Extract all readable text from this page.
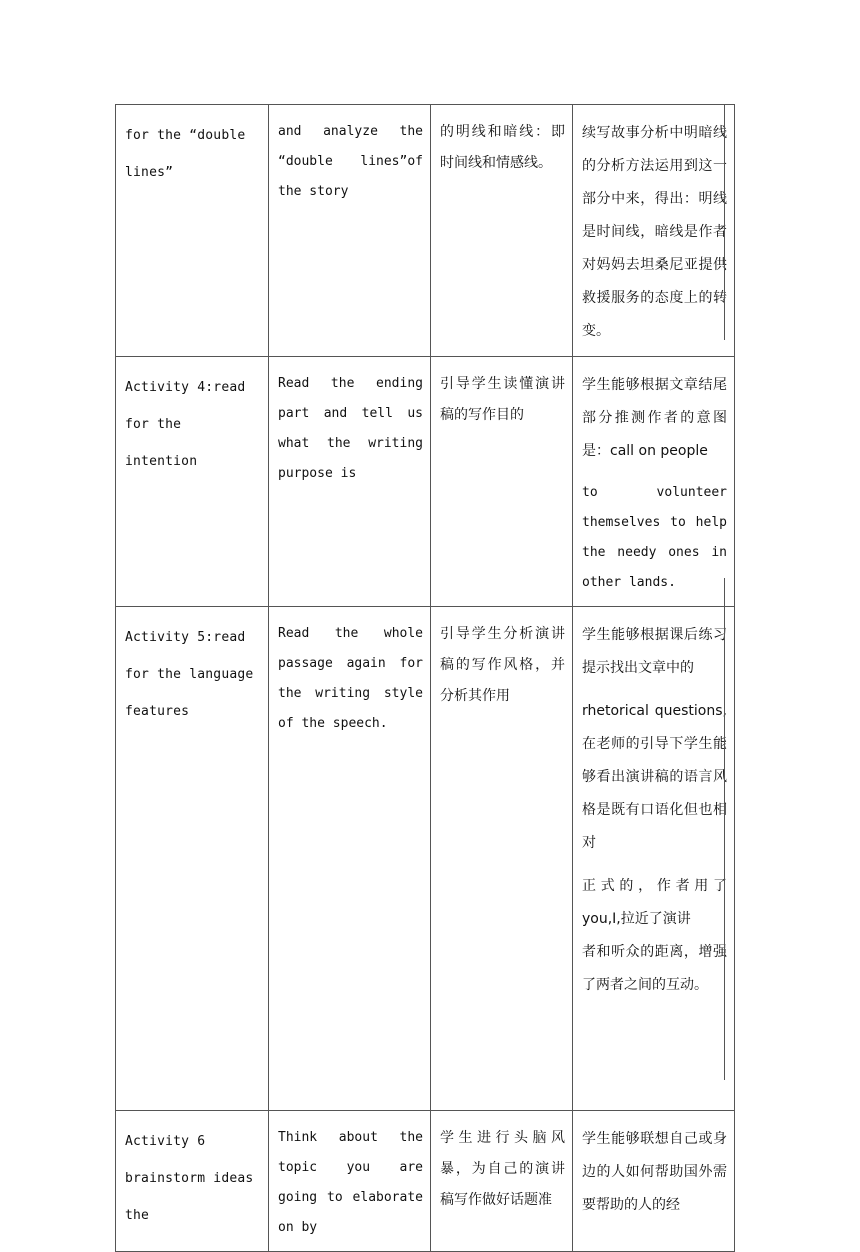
for the “double lines”	and analyze the “double lines”of the story	的明线和暗线：即时间线和情感线。	续写故事分析中明暗线的分析方法运用到这一部分中来，得出：明线是时间线，暗线是作者对妈妈去坦桑尼亚提供救援服务的态度上的转变。
Activity 4:read for the intention	Read the ending part and tell us what the writing purpose is	引导学生读懂演讲稿的写作目的	学生能够根据文章结尾部分推测作者的意图是：call on people
to volunteer themselves to help the needy ones in other lands.

Activity 5:read for the language features	Read the whole passage again for the writing style of the speech.	引导学生分析演讲稿的写作风格，并分析其作用	学生能够根据课后练习提示找出文章中的
rhetorical questions,在老师的引导下学生能够看出演讲稿的语言风格是既有口语化但也相对
正式的，作者用了you,I,拉近了演讲
者和听众的距离，增强了两者之间的互动。

Activity 6 brainstorm ideas the	Think about the topic you are going to elaborate on by	学生进行头脑风暴，为自己的演讲稿写作做好话题准	学生能够联想自己或身边的人如何帮助国外需要帮助的人的经
